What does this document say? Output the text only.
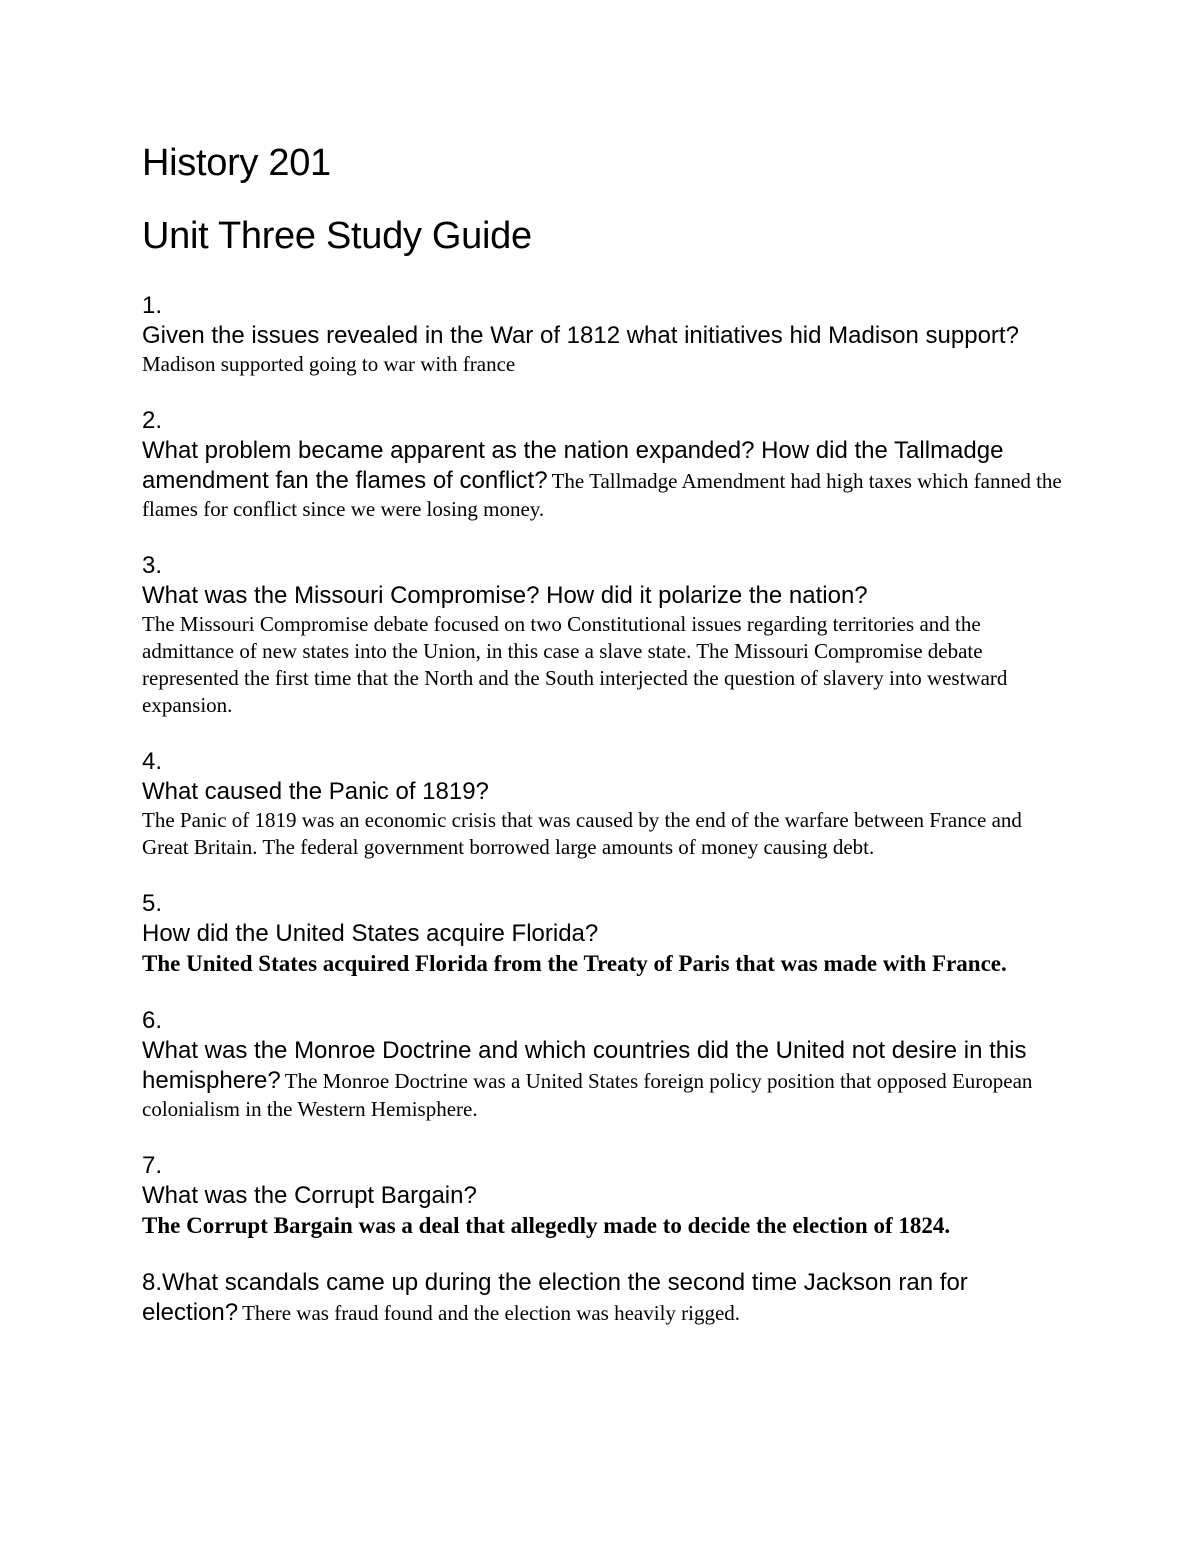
History 201
Unit Three Study Guide
1.
Given the issues revealed in the War of 1812 what initiatives hid Madison support? Madison supported going to war with france
2.
What problem became apparent as the nation expanded? How did the Tallmadge amendment fan the flames of conflict? The Tallmadge Amendment had high taxes which fanned the flames for conflict since we were losing money.
3.
What was the Missouri Compromise? How did it polarize the nation?
The Missouri Compromise debate focused on two Constitutional issues regarding territories and the admittance of new states into the Union, in this case a slave state. The Missouri Compromise debate represented the first time that the North and the South interjected the question of slavery into westward expansion.
4.
What caused the Panic of 1819?
The Panic of 1819 was an economic crisis that was caused by the end of the warfare between France and Great Britain. The federal government borrowed large amounts of money causing debt.
5.
How did the United States acquire Florida?
The United States acquired Florida from the Treaty of Paris that was made with France.
6.
What was the Monroe Doctrine and which countries did the United not desire in this hemisphere? The Monroe Doctrine was a United States foreign policy position that opposed European colonialism in the Western Hemisphere.
7.
What was the Corrupt Bargain?
The Corrupt Bargain was a deal that allegedly made to decide the election of 1824.
8.What scandals came up during the election the second time Jackson ran for election? There was fraud found and the election was heavily rigged.
